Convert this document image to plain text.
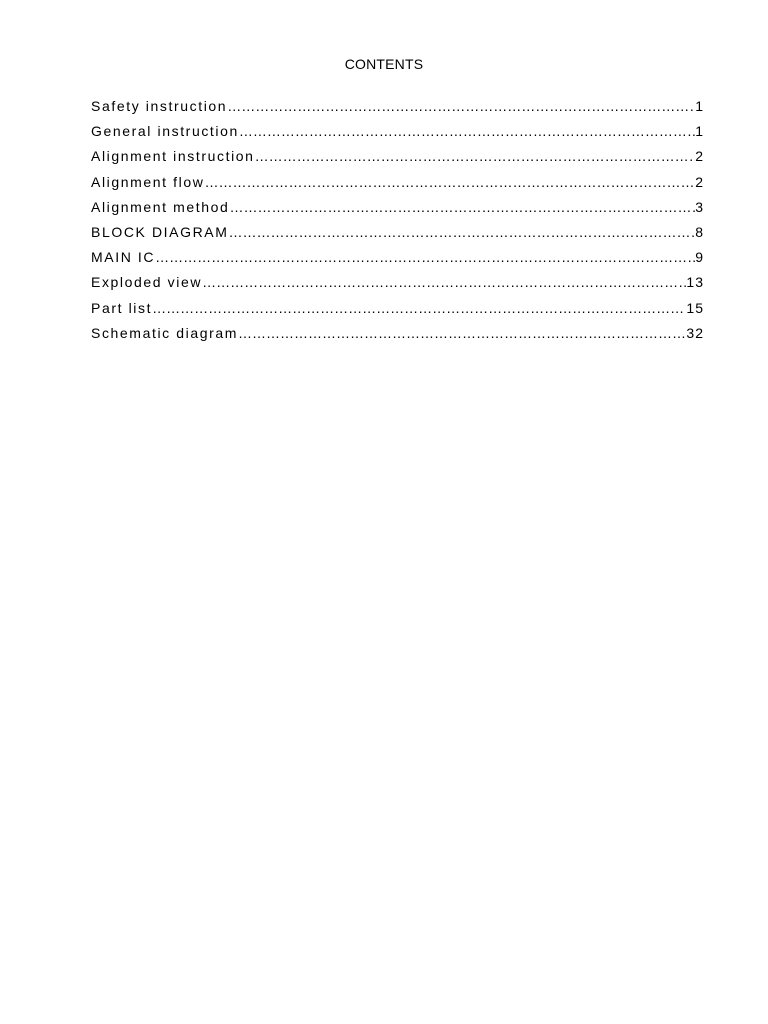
CONTENTS
Safety instruction ……………………………………………………………………………………………………………………………………………………………………………………	1
General instruction ……………………………………………………………………………………………………………………………………………………………………………………	1
Alignment instruction ……………………………………………………………………………………………………………………………………………………………………………………	2
Alignment flow ……………………………………………………………………………………………………………………………………………………………………………………	2
Alignment method ……………………………………………………………………………………………………………………………………………………………………………………	3
BLOCK DIAGRAM ……………………………………………………………………………………………………………………………………………………………………………………	8
MAIN IC ……………………………………………………………………………………………………………………………………………………………………………………	9
Exploded view ……………………………………………………………………………………………………………………………………………………………………………………	13
Part list ……………………………………………………………………………………………………………………………………………………………………………………	15
Schematic diagram ……………………………………………………………………………………………………………………………………………………………………………………	32
